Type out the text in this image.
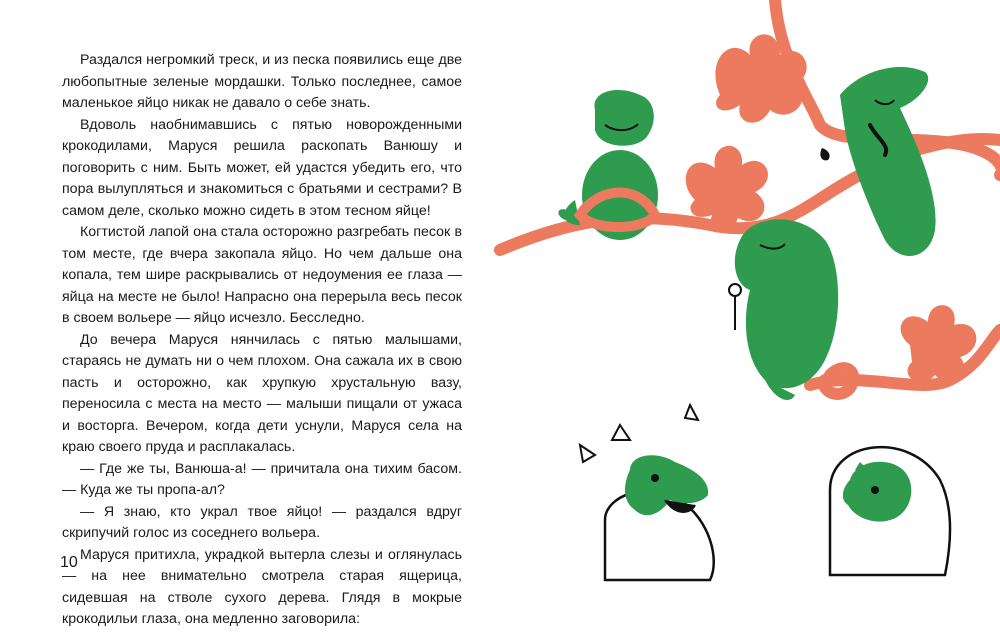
Раздался негромкий треск, и из песка появились еще две любопытные зеленые мордашки. Только последнее, самое маленькое яйцо никак не давало о себе знать.

Вдоволь наобнимавшись с пятью новорожденными крокодилами, Маруся решила раскопать Ванюшу и поговорить с ним. Быть может, ей удастся убедить его, что пора вылупляться и знакомиться с братьями и сестрами? В самом деле, сколько можно сидеть в этом тесном яйце!

Когтистой лапой она стала осторожно разгребать песок в том месте, где вчера закопала яйцо. Но чем дальше она копала, тем шире раскрывались от недоумения ее глаза — яйца на месте не было! Напрасно она перерыла весь песок в своем вольере — яйцо исчезло. Бесследно.

До вечера Маруся нянчилась с пятью малышами, стараясь не думать ни о чем плохом. Она сажала их в свою пасть и осторожно, как хрупкую хрустальную вазу, переносила с места на место — малыши пищали от ужаса и восторга. Вечером, когда дети уснули, Маруся села на краю своего пруда и расплакалась.

— Где же ты, Ванюша-а! — причитала она тихим басом. — Куда же ты пропа-ал?

— Я знаю, кто украл твое яйцо! — раздался вдруг скрипучий голос из соседнего вольера.

Маруся притихла, украдкой вытерла слезы и оглянулась — на нее внимательно смотрела старая ящерица, сидевшая на стволе сухого дерева. Глядя в мокрые крокодильи глаза, она медленно заговорила:

10
